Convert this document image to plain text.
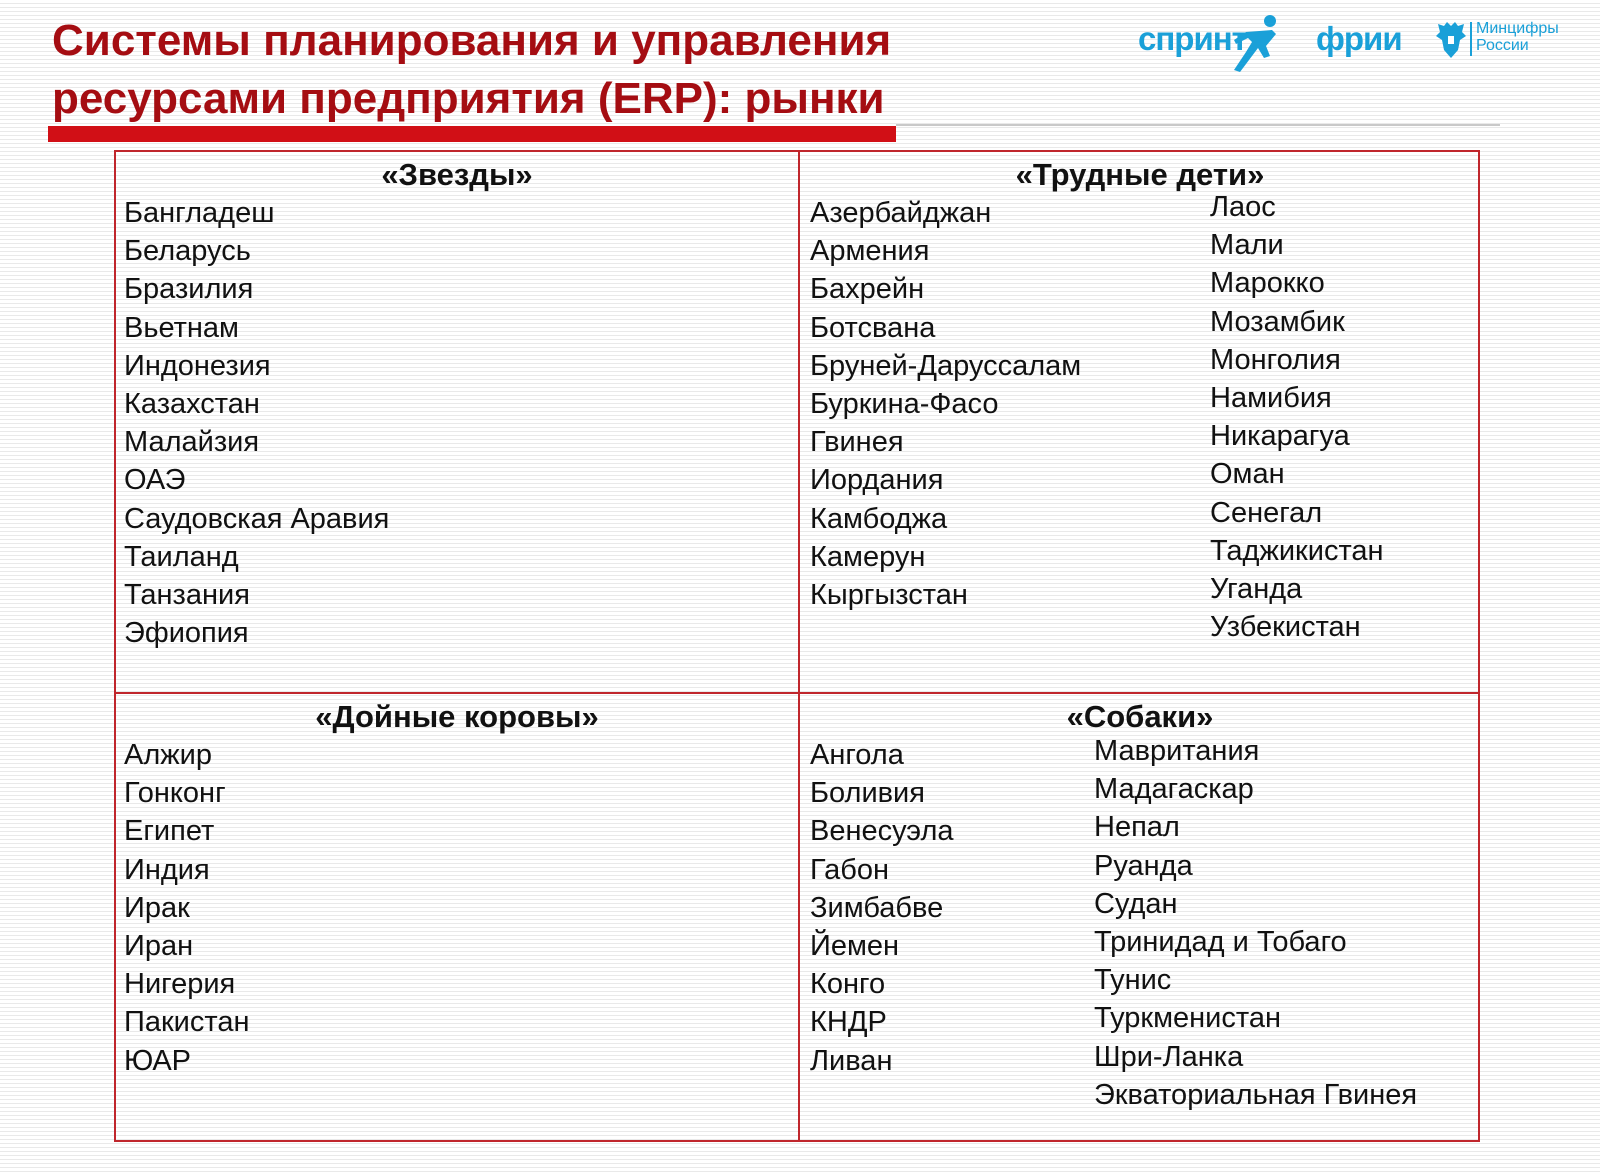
Системы планирования и управления
ресурсами предприятия (ERP): рынки
спринт фрии	Минцифры
России
«Звезды»
Бангладеш
Беларусь
Бразилия
Вьетнам
Индонезия
Казахстан
Малайзия
ОАЭ
Саудовская Аравия
Таиланд
Танзания
Эфиопия
«Трудные дети»
Азербайджан
Армения
Бахрейн
Ботсвана
Бруней-Даруссалам
Буркина-Фасо
Гвинея
Иордания
Камбоджа
Камерун
Кыргызстан
Лаос
Мали
Марокко
Мозамбик
Монголия
Намибия
Никарагуа
Оман
Сенегал
Таджикистан
Уганда
Узбекистан
«Дойные коровы»
Алжир
Гонконг
Египет
Индия
Ирак
Иран
Нигерия
Пакистан
ЮАР
«Собаки»
Ангола
Боливия
Венесуэла
Габон
Зимбабве
Йемен
Конго
КНДР
Ливан
Мавритания
Мадагаскар
Непал
Руанда
Судан
Тринидад и Тобаго
Тунис
Туркменистан
Шри-Ланка
Экваториальная Гвинея
